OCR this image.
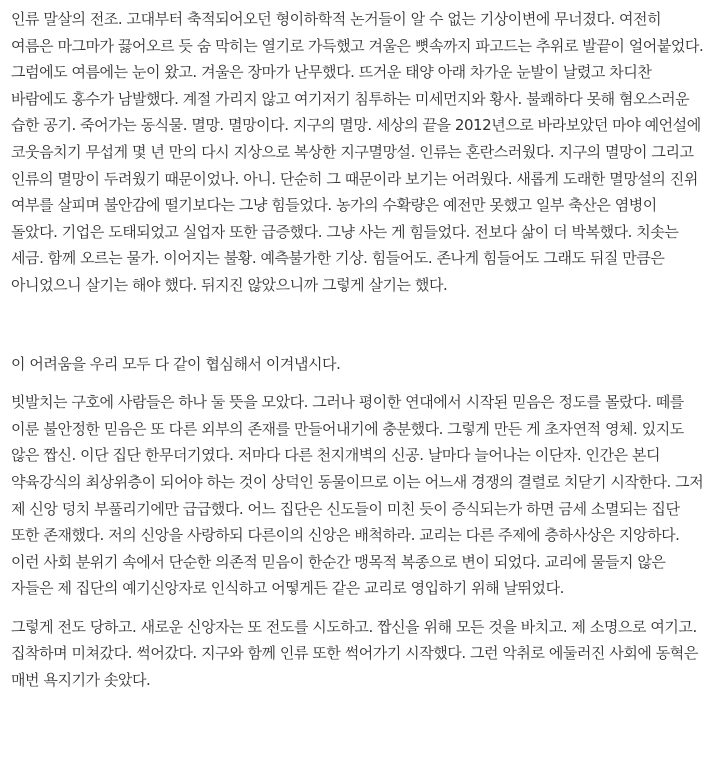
인류 말살의 전조. 고대부터 축적되어오던 형이하학적 논거들이 알 수 없는 기상이변에 무너졌다. 여전히 여름은 마그마가 끓어오르 듯 숨 막히는 열기로 가득했고 겨울은 뼛속까지 파고드는 추위로 발끝이 얼어붙었다. 그럼에도 여름에는 눈이 왔고. 겨울은 장마가 난무했다. 뜨거운 태양 아래 차가운 눈발이 날렸고 차디찬 바람에도 홍수가 남발했다. 계절 가리지 않고 여기저기 침투하는 미세먼지와 황사. 불쾌하다 못해 혐오스러운 습한 공기. 죽어가는 동식물. 멸망. 멸망이다. 지구의 멸망. 세상의 끝을 2012년으로 바라보았던 마야 예언설에 코웃음치기 무섭게 몇 년 만의 다시 지상으로 복상한 지구멸망설. 인류는 혼란스러웠다. 지구의 멸망이 그리고 인류의 멸망이 두려웠기 때문이었나. 아니. 단순히 그 때문이라 보기는 어려웠다. 새롭게 도래한 멸망설의 진위 여부를 살피며 불안감에 떨기보다는 그냥 힘들었다. 농가의 수확량은 예전만 못했고 일부 축산은 염병이 돌았다. 기업은 도태되었고 실업자 또한 급증했다. 그냥 사는 게 힘들었다. 전보다 삶이 더 박복했다. 치솟는 세금. 함께 오르는 물가. 이어지는 불황. 예측불가한 기상. 힘들어도. 존나게 힘들어도 그래도 뒤질 만큼은 아니었으니 살기는 해야 했다. 뒤지진 않았으니까 그렇게 살기는 했다.

이 어려움을 우리 모두 다 같이 협심해서 이겨냅시다.

빗발치는 구호에 사람들은 하나 둘 뜻을 모았다. 그러나 평이한 연대에서 시작된 믿음은 정도를 몰랐다. 떼를 이룬 불안정한 믿음은 또 다른 외부의 존재를 만들어내기에 충분했다. 그렇게 만든 게 초자연적 영체. 있지도 않은 짭신. 이단 집단 한무더기였다. 저마다 다른 천지개벽의 신공. 날마다 늘어나는 이단자. 인간은 본디 약육강식의 최상위층이 되어야 하는 것이 상덕인 동물이므로 이는 어느새 경쟁의 결렬로 치닫기 시작한다. 그저 제 신앙 덩치 부풀리기에만 급급했다. 어느 집단은 신도들이 미친 듯이 증식되는가 하면 금세 소멸되는 집단 또한 존재했다. 저의 신앙을 사랑하되 다른이의 신앙은 배척하라. 교리는 다른 주제에 층하사상은 지앙하다. 이런 사회 분위기 속에서 단순한 의존적 믿음이 한순간 맹목적 복종으로 변이 되었다. 교리에 물들지 않은 자들은 제 집단의 예기신앙자로 인식하고 어떻게든 같은 교리로 영입하기 위해 날뛰었다.

그렇게 전도 당하고. 새로운 신앙자는 또 전도를 시도하고. 짭신을 위해 모든 것을 바치고. 제 소명으로 여기고. 집착하며 미쳐갔다. 썩어갔다. 지구와 함께 인류 또한 썩어가기 시작했다. 그런 악취로 에둘러진 사회에 동혁은 매번 욕지기가 솟았다.
